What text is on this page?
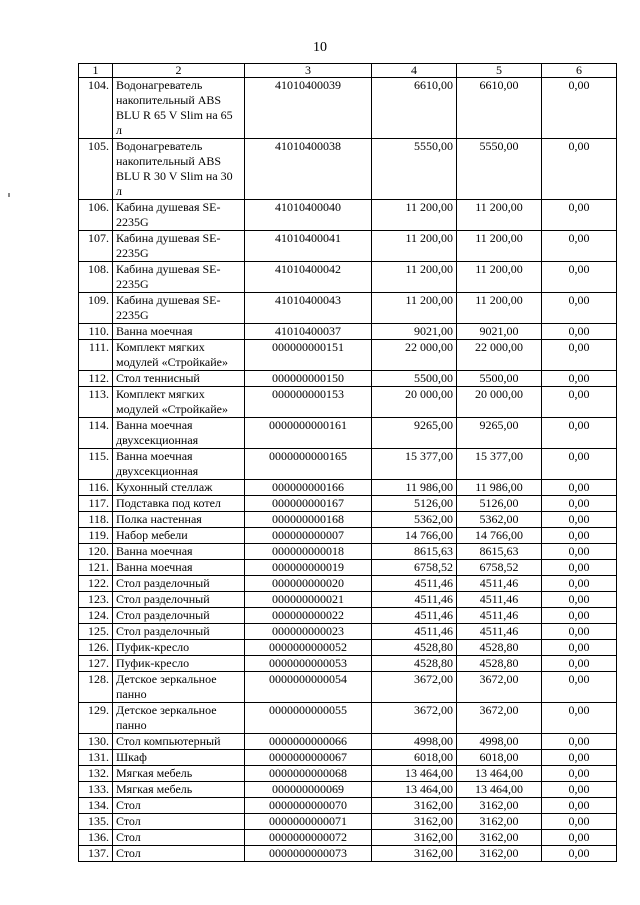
10
1	2	3	4	5	6
104.	Водонагреватель накопительный ABS BLU R 65 V Slim на 65 л	41010400039	6610,00	6610,00	0,00
105.	Водонагреватель накопительный ABS BLU R 30 V Slim на 30 л	41010400038	5550,00	5550,00	0,00
106.	Кабина душевая SE-2235G	41010400040	11 200,00	11 200,00	0,00
107.	Кабина душевая SE-2235G	41010400041	11 200,00	11 200,00	0,00
108.	Кабина душевая SE-2235G	41010400042	11 200,00	11 200,00	0,00
109.	Кабина душевая SE-2235G	41010400043	11 200,00	11 200,00	0,00
110.	Ванна моечная	41010400037	9021,00	9021,00	0,00
111.	Комплект мягких модулей «Стройкайе»	000000000151	22 000,00	22 000,00	0,00
112.	Стол теннисный	000000000150	5500,00	5500,00	0,00
113.	Комплект мягких модулей «Стройкайе»	000000000153	20 000,00	20 000,00	0,00
114.	Ванна моечная двухсекционная	0000000000161	9265,00	9265,00	0,00
115.	Ванна моечная двухсекционная	0000000000165	15 377,00	15 377,00	0,00
116.	Кухонный стеллаж	000000000166	11 986,00	11 986,00	0,00
117.	Подставка под котел	000000000167	5126,00	5126,00	0,00
118.	Полка настенная	000000000168	5362,00	5362,00	0,00
119.	Набор мебели	000000000007	14 766,00	14 766,00	0,00
120.	Ванна моечная	000000000018	8615,63	8615,63	0,00
121.	Ванна моечная	000000000019	6758,52	6758,52	0,00
122.	Стол разделочный	000000000020	4511,46	4511,46	0,00
123.	Стол разделочный	000000000021	4511,46	4511,46	0,00
124.	Стол разделочный	000000000022	4511,46	4511,46	0,00
125.	Стол разделочный	000000000023	4511,46	4511,46	0,00
126.	Пуфик-кресло	0000000000052	4528,80	4528,80	0,00
127.	Пуфик-кресло	0000000000053	4528,80	4528,80	0,00
128.	Детское зеркальное панно	0000000000054	3672,00	3672,00	0,00
129.	Детское зеркальное панно	0000000000055	3672,00	3672,00	0,00
130.	Стол компьютерный	0000000000066	4998,00	4998,00	0,00
131.	Шкаф	0000000000067	6018,00	6018,00	0,00
132.	Мягкая мебель	0000000000068	13 464,00	13 464,00	0,00
133.	Мягкая мебель	000000000069	13 464,00	13 464,00	0,00
134.	Стол	0000000000070	3162,00	3162,00	0,00
135.	Стол	0000000000071	3162,00	3162,00	0,00
136.	Стол	0000000000072	3162,00	3162,00	0,00
137.	Стол	0000000000073	3162,00	3162,00	0,00
